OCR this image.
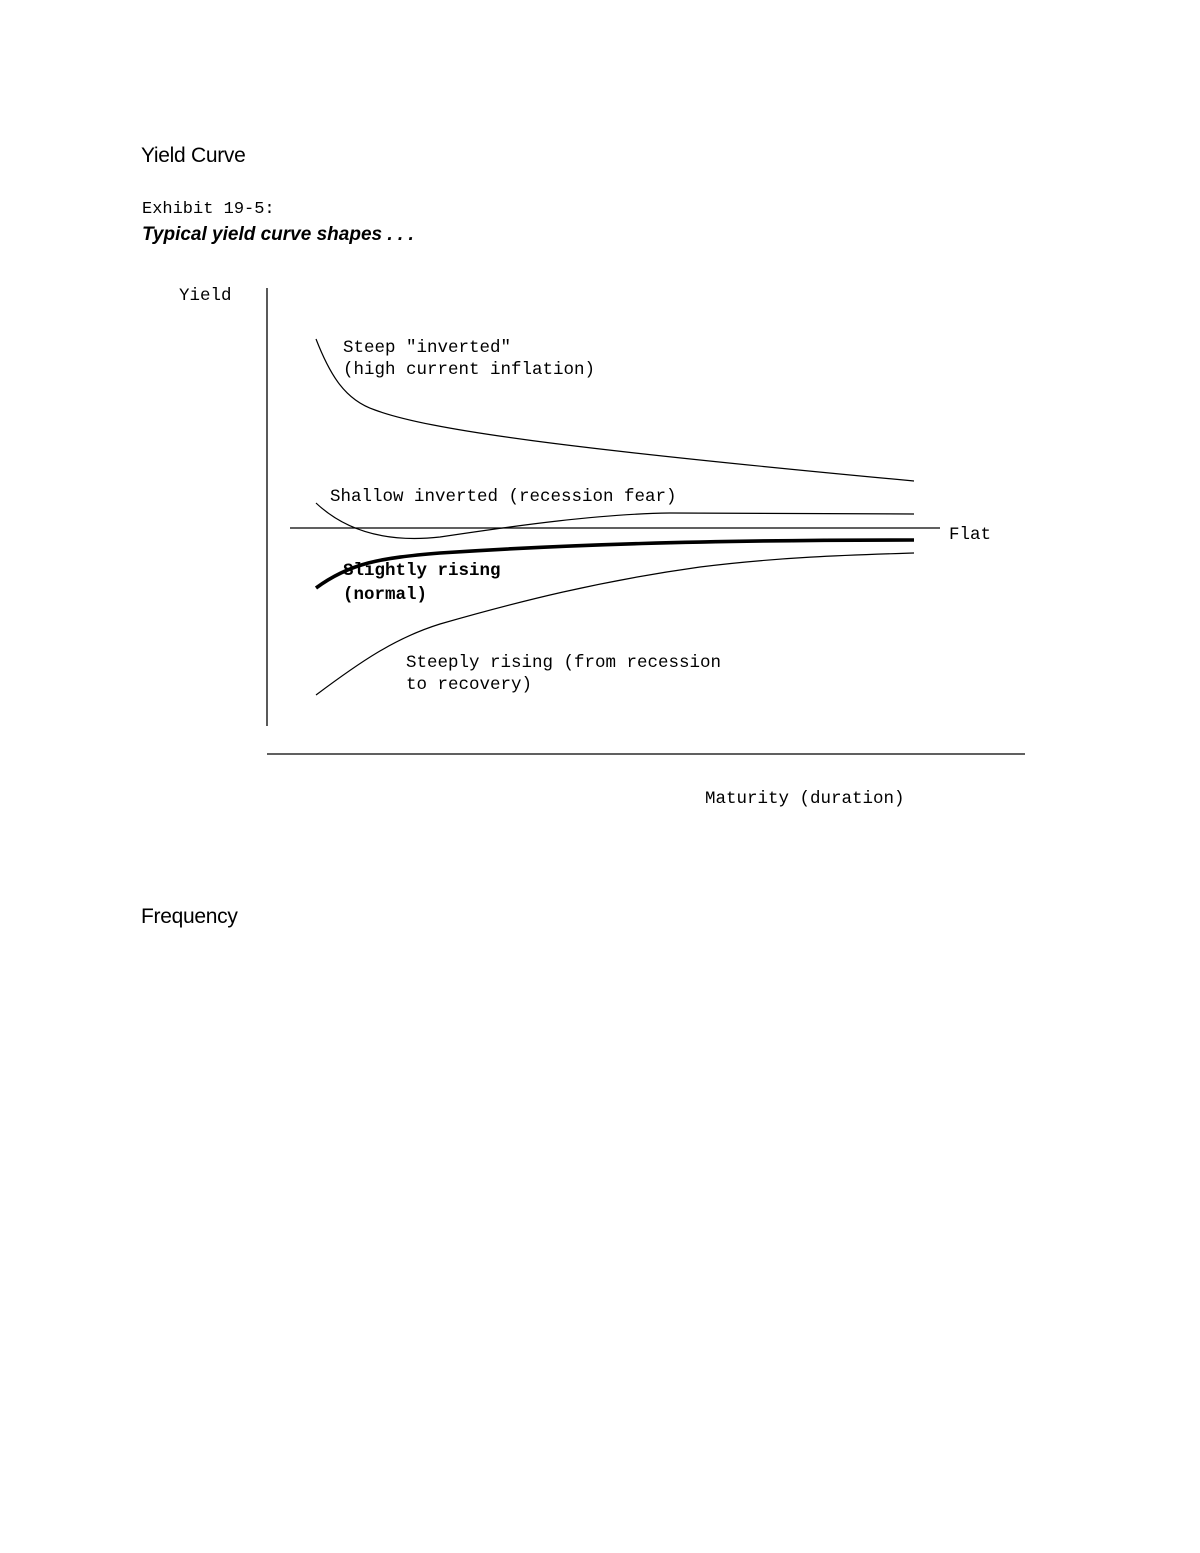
Yield Curve
Exhibit 19-5:
Typical yield curve shapes . . .
Yield
Steep "inverted"
(high current inflation)
Shallow inverted (recession fear)
Flat
Slightly rising
(normal)
Steeply rising (from recession
to recovery)
Maturity (duration)
Frequency
